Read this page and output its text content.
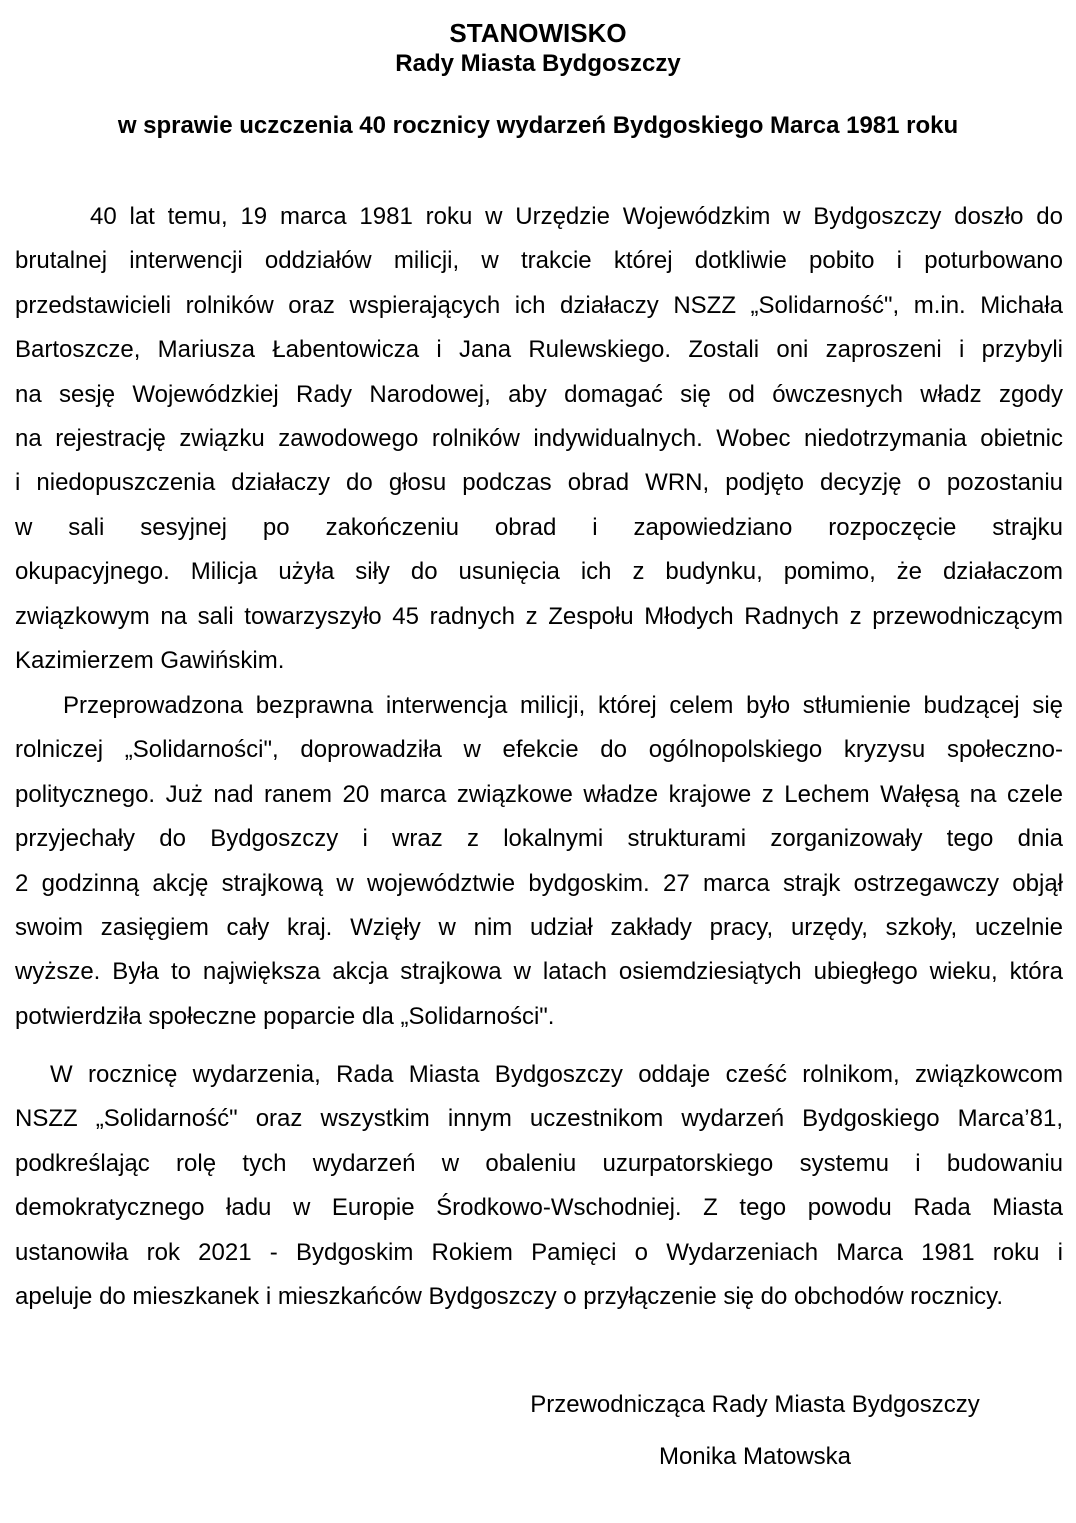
STANOWISKO
Rady Miasta Bydgoszczy
w sprawie uczczenia 40 rocznicy wydarzeń Bydgoskiego Marca 1981 roku
40 lat temu, 19 marca 1981 roku w Urzędzie Wojewódzkim w Bydgoszczy doszło do
brutalnej interwencji oddziałów milicji, w trakcie której dotkliwie pobito i poturbowano
przedstawicieli rolników oraz wspierających ich działaczy NSZZ „Solidarność", m.in. Michała
Bartoszcze, Mariusza Łabentowicza i Jana Rulewskiego. Zostali oni zaproszeni i przybyli
na sesję Wojewódzkiej Rady Narodowej, aby domagać się od ówczesnych władz zgody
na rejestrację związku zawodowego rolników indywidualnych. Wobec niedotrzymania obietnic
i niedopuszczenia działaczy do głosu podczas obrad WRN, podjęto decyzję o pozostaniu
w sali sesyjnej po zakończeniu obrad i zapowiedziano rozpoczęcie strajku
okupacyjnego. Milicja użyła siły do usunięcia ich z budynku, pomimo, że działaczom
związkowym na sali towarzyszyło 45 radnych z Zespołu Młodych Radnych z przewodniczącym
Kazimierzem Gawińskim.
Przeprowadzona bezprawna interwencja milicji, której celem było stłumienie budzącej się
rolniczej „Solidarności", doprowadziła w efekcie do ogólnopolskiego kryzysu społeczno-
politycznego. Już nad ranem 20 marca związkowe władze krajowe z Lechem Wałęsą na czele
przyjechały do Bydgoszczy i wraz z lokalnymi strukturami zorganizowały tego dnia
2 godzinną akcję strajkową w województwie bydgoskim. 27 marca strajk ostrzegawczy objął
swoim zasięgiem cały kraj. Wzięły w nim udział zakłady pracy, urzędy, szkoły, uczelnie
wyższe. Była to największa akcja strajkowa w latach osiemdziesiątych ubiegłego wieku, która
potwierdziła społeczne poparcie dla „Solidarności".
W rocznicę wydarzenia, Rada Miasta Bydgoszczy oddaje cześć rolnikom, związkowcom
NSZZ „Solidarność" oraz wszystkim innym uczestnikom wydarzeń Bydgoskiego Marca’81,
podkreślając rolę tych wydarzeń w obaleniu uzurpatorskiego systemu i budowaniu
demokratycznego ładu w Europie Środkowo-Wschodniej. Z tego powodu Rada Miasta
ustanowiła rok 2021 - Bydgoskim Rokiem Pamięci o Wydarzeniach Marca 1981 roku i
apeluje do mieszkanek i mieszkańców Bydgoszczy o przyłączenie się do obchodów rocznicy.
Przewodnicząca Rady Miasta Bydgoszczy
Monika Matowska
